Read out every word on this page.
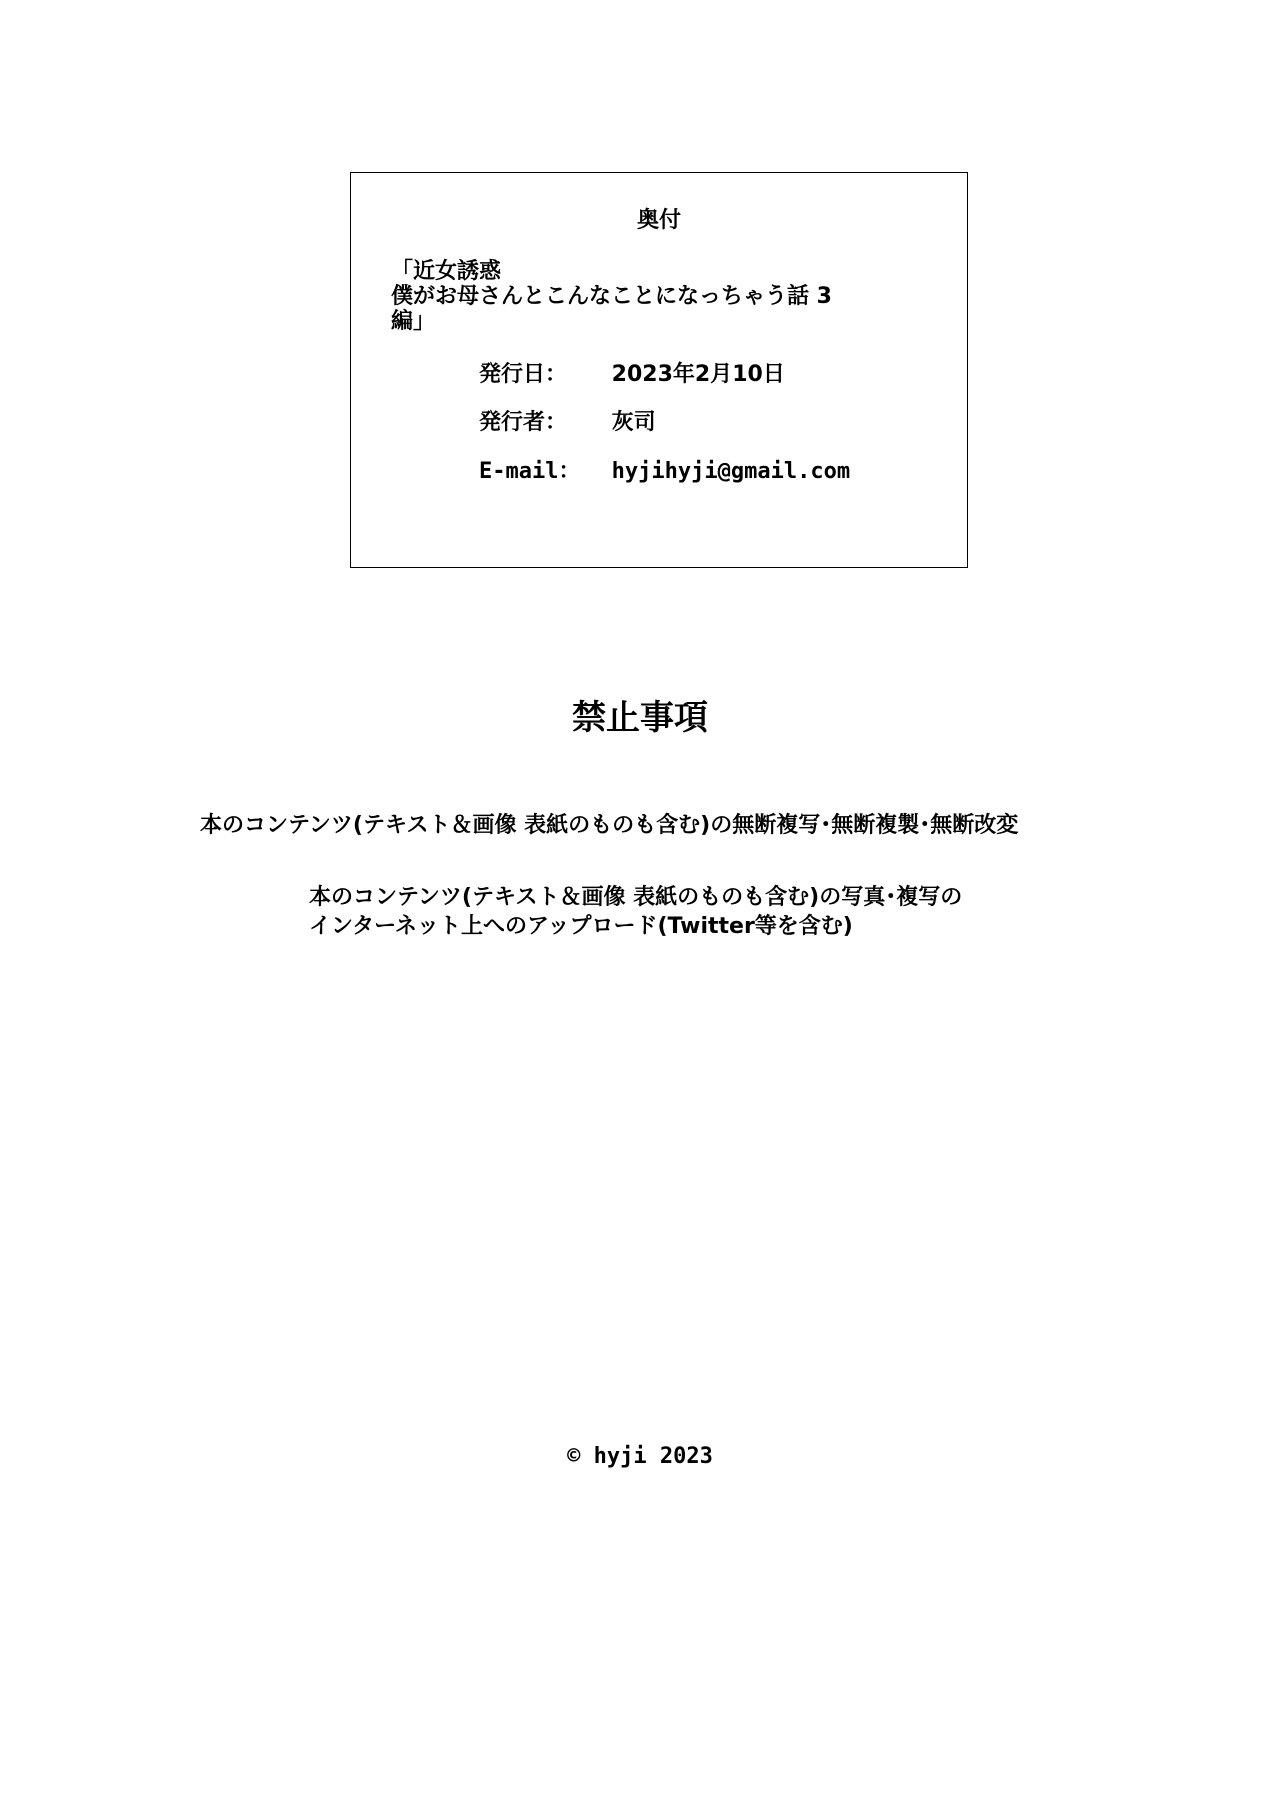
奥付
「近女誘惑
僕がお母さんとこんなことになっちゃう話 3
編」
発行日： 2023年2月10日
発行者： 灰司
E-mail： hyjihyji@gmail.com
禁止事項
本のコンテンツ(テキスト＆画像 表紙のものも含む)の無断複写･無断複製･無断改変
本のコンテンツ(テキスト＆画像 表紙のものも含む)の写真･複写の
インターネット上へのアップロード(Twitter等を含む)
© hyji 2023
